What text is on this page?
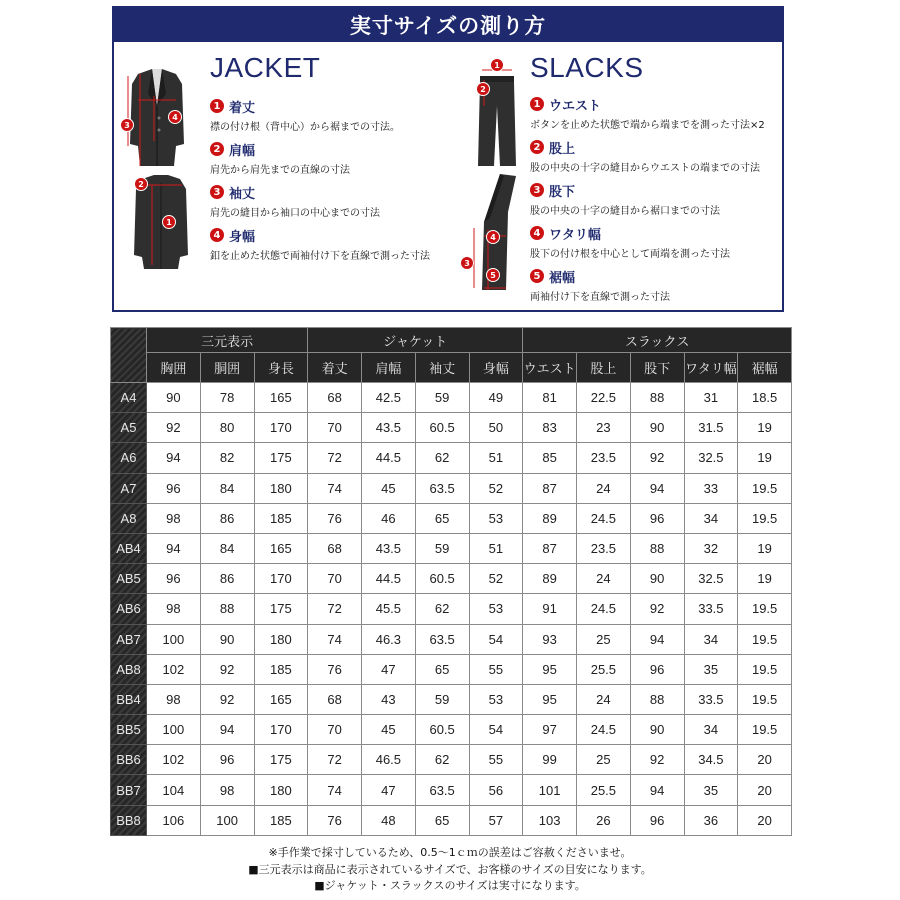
実寸サイズの測り方
3
4
2
1
JACKET
1 着丈
襟の付け根（背中心）から裾までの寸法。
2 肩幅
肩先から肩先までの直線の寸法
3 袖丈
肩先の縫目から袖口の中心までの寸法
4 身幅
釦を止めた状態で両袖付け下を直線で測った寸法
1
2
3
4
5
SLACKS
1 ウエスト
ボタンを止めた状態で端から端までを測った寸法×2
2 股上
股の中央の十字の縫目からウエストの端までの寸法
3 股下
股の中央の十字の縫目から裾口までの寸法
4 ワタリ幅
股下の付け根を中心として両端を測った寸法
5 裾幅
両袖付け下を直線で測った寸法
	三元表示			ジャケット				スラックス				
	胸囲	胴囲	身長	着丈	肩幅	袖丈	身幅	ウエスト	股上	股下	ワタリ幅	裾幅
A4	90	78	165	68	42.5	59	49	81	22.5	88	31	18.5
A5	92	80	170	70	43.5	60.5	50	83	23	90	31.5	19
A6	94	82	175	72	44.5	62	51	85	23.5	92	32.5	19
A7	96	84	180	74	45	63.5	52	87	24	94	33	19.5
A8	98	86	185	76	46	65	53	89	24.5	96	34	19.5
AB4	94	84	165	68	43.5	59	51	87	23.5	88	32	19
AB5	96	86	170	70	44.5	60.5	52	89	24	90	32.5	19
AB6	98	88	175	72	45.5	62	53	91	24.5	92	33.5	19.5
AB7	100	90	180	74	46.3	63.5	54	93	25	94	34	19.5
AB8	102	92	185	76	47	65	55	95	25.5	96	35	19.5
BB4	98	92	165	68	43	59	53	95	24	88	33.5	19.5
BB5	100	94	170	70	45	60.5	54	97	24.5	90	34	19.5
BB6	102	96	175	72	46.5	62	55	99	25	92	34.5	20
BB7	104	98	180	74	47	63.5	56	101	25.5	94	35	20
BB8	106	100	185	76	48	65	57	103	26	96	36	20
※手作業で採寸しているため、0.5～1ｃｍの誤差はご容赦くださいませ。
■三元表示は商品に表示されているサイズで、お客様のサイズの目安になります。
■ジャケット・スラックスのサイズは実寸になります。
